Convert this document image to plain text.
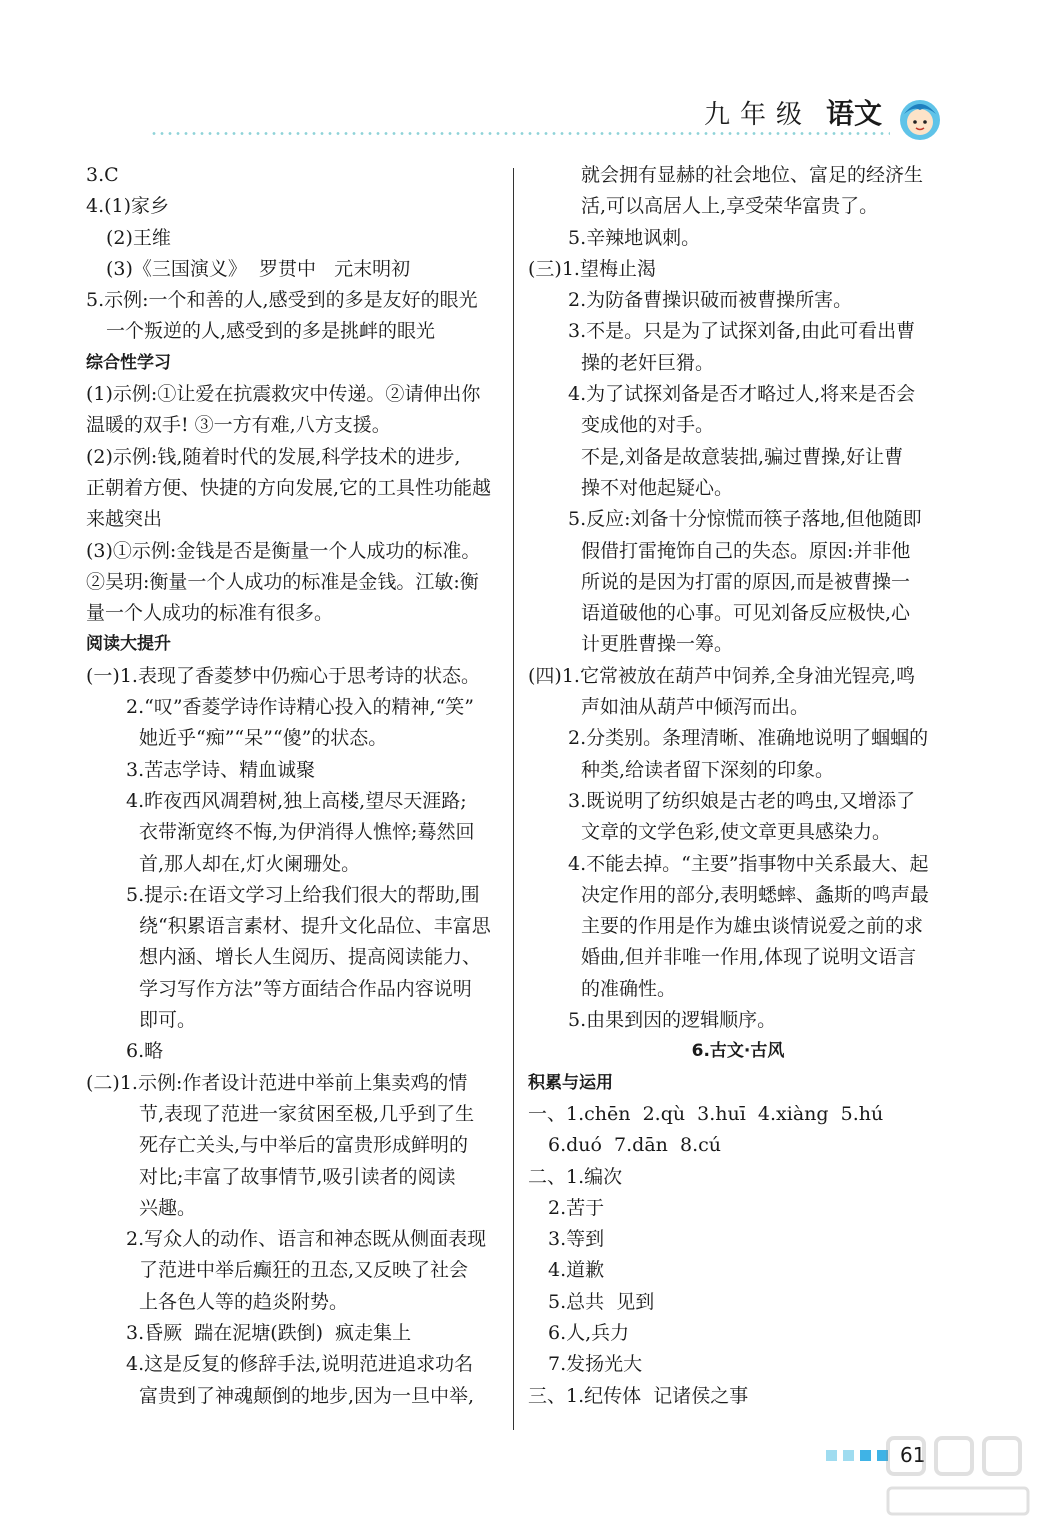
九年级 语文
3.C
4.(1)家乡
(2)王维
(3)《三国演义》  罗贯中   元末明初
5.示例:一个和善的人,感受到的多是友好的眼光
一个叛逆的人,感受到的多是挑衅的眼光
综合性学习
(1)示例:①让爱在抗震救灾中传递。②请伸出你
温暖的双手! ③一方有难,八方支援。
(2)示例:钱,随着时代的发展,科学技术的进步,
正朝着方便、快捷的方向发展,它的工具性功能越
来越突出
(3)①示例:金钱是否是衡量一个人成功的标准。
②吴玥:衡量一个人成功的标准是金钱。江敏:衡
量一个人成功的标准有很多。
阅读大提升
(一)1.表现了香菱梦中仍痴心于思考诗的状态。
2.“叹”香菱学诗作诗精心投入的精神,“笑”
她近乎“痴”“呆”“傻”的状态。
3.苦志学诗、精血诚聚
4.昨夜西风凋碧树,独上高楼,望尽天涯路;
衣带渐宽终不悔,为伊消得人憔悴;蓦然回
首,那人却在,灯火阑珊处。
5.提示:在语文学习上给我们很大的帮助,围
绕“积累语言素材、提升文化品位、丰富思
想内涵、增长人生阅历、提高阅读能力、
学习写作方法”等方面结合作品内容说明
即可。
6.略
(二)1.示例:作者设计范进中举前上集卖鸡的情
节,表现了范进一家贫困至极,几乎到了生
死存亡关头,与中举后的富贵形成鲜明的
对比;丰富了故事情节,吸引读者的阅读
兴趣。
2.写众人的动作、语言和神态既从侧面表现
了范进中举后癫狂的丑态,又反映了社会
上各色人等的趋炎附势。
3.昏厥  踹在泥塘(跌倒)  疯走集上
4.这是反复的修辞手法,说明范进追求功名
富贵到了神魂颠倒的地步,因为一旦中举,
就会拥有显赫的社会地位、富足的经济生
活,可以高居人上,享受荣华富贵了。
5.辛辣地讽刺。
(三)1.望梅止渴
2.为防备曹操识破而被曹操所害。
3.不是。只是为了试探刘备,由此可看出曹
操的老奸巨猾。
4.为了试探刘备是否才略过人,将来是否会
变成他的对手。
不是,刘备是故意装拙,骗过曹操,好让曹
操不对他起疑心。
5.反应:刘备十分惊慌而筷子落地,但他随即
假借打雷掩饰自己的失态。原因:并非他
所说的是因为打雷的原因,而是被曹操一
语道破他的心事。可见刘备反应极快,心
计更胜曹操一筹。
(四)1.它常被放在葫芦中饲养,全身油光锃亮,鸣
声如油从葫芦中倾泻而出。
2.分类别。条理清晰、准确地说明了蝈蝈的
种类,给读者留下深刻的印象。
3.既说明了纺织娘是古老的鸣虫,又增添了
文章的文学色彩,使文章更具感染力。
4.不能去掉。“主要”指事物中关系最大、起
决定作用的部分,表明蟋蟀、螽斯的鸣声最
主要的作用是作为雄虫谈情说爱之前的求
婚曲,但并非唯一作用,体现了说明文语言
的准确性。
5.由果到因的逻辑顺序。
6.古文·古风
积累与运用
一、1.chēn  2.qù  3.huī  4.xiàng  5.hú
6.duó  7.dān  8.cú
二、1.编次
2.苦于
3.等到
4.道歉
5.总共  见到
6.人,兵力
7.发扬光大
三、1.纪传体  记诸侯之事
61
